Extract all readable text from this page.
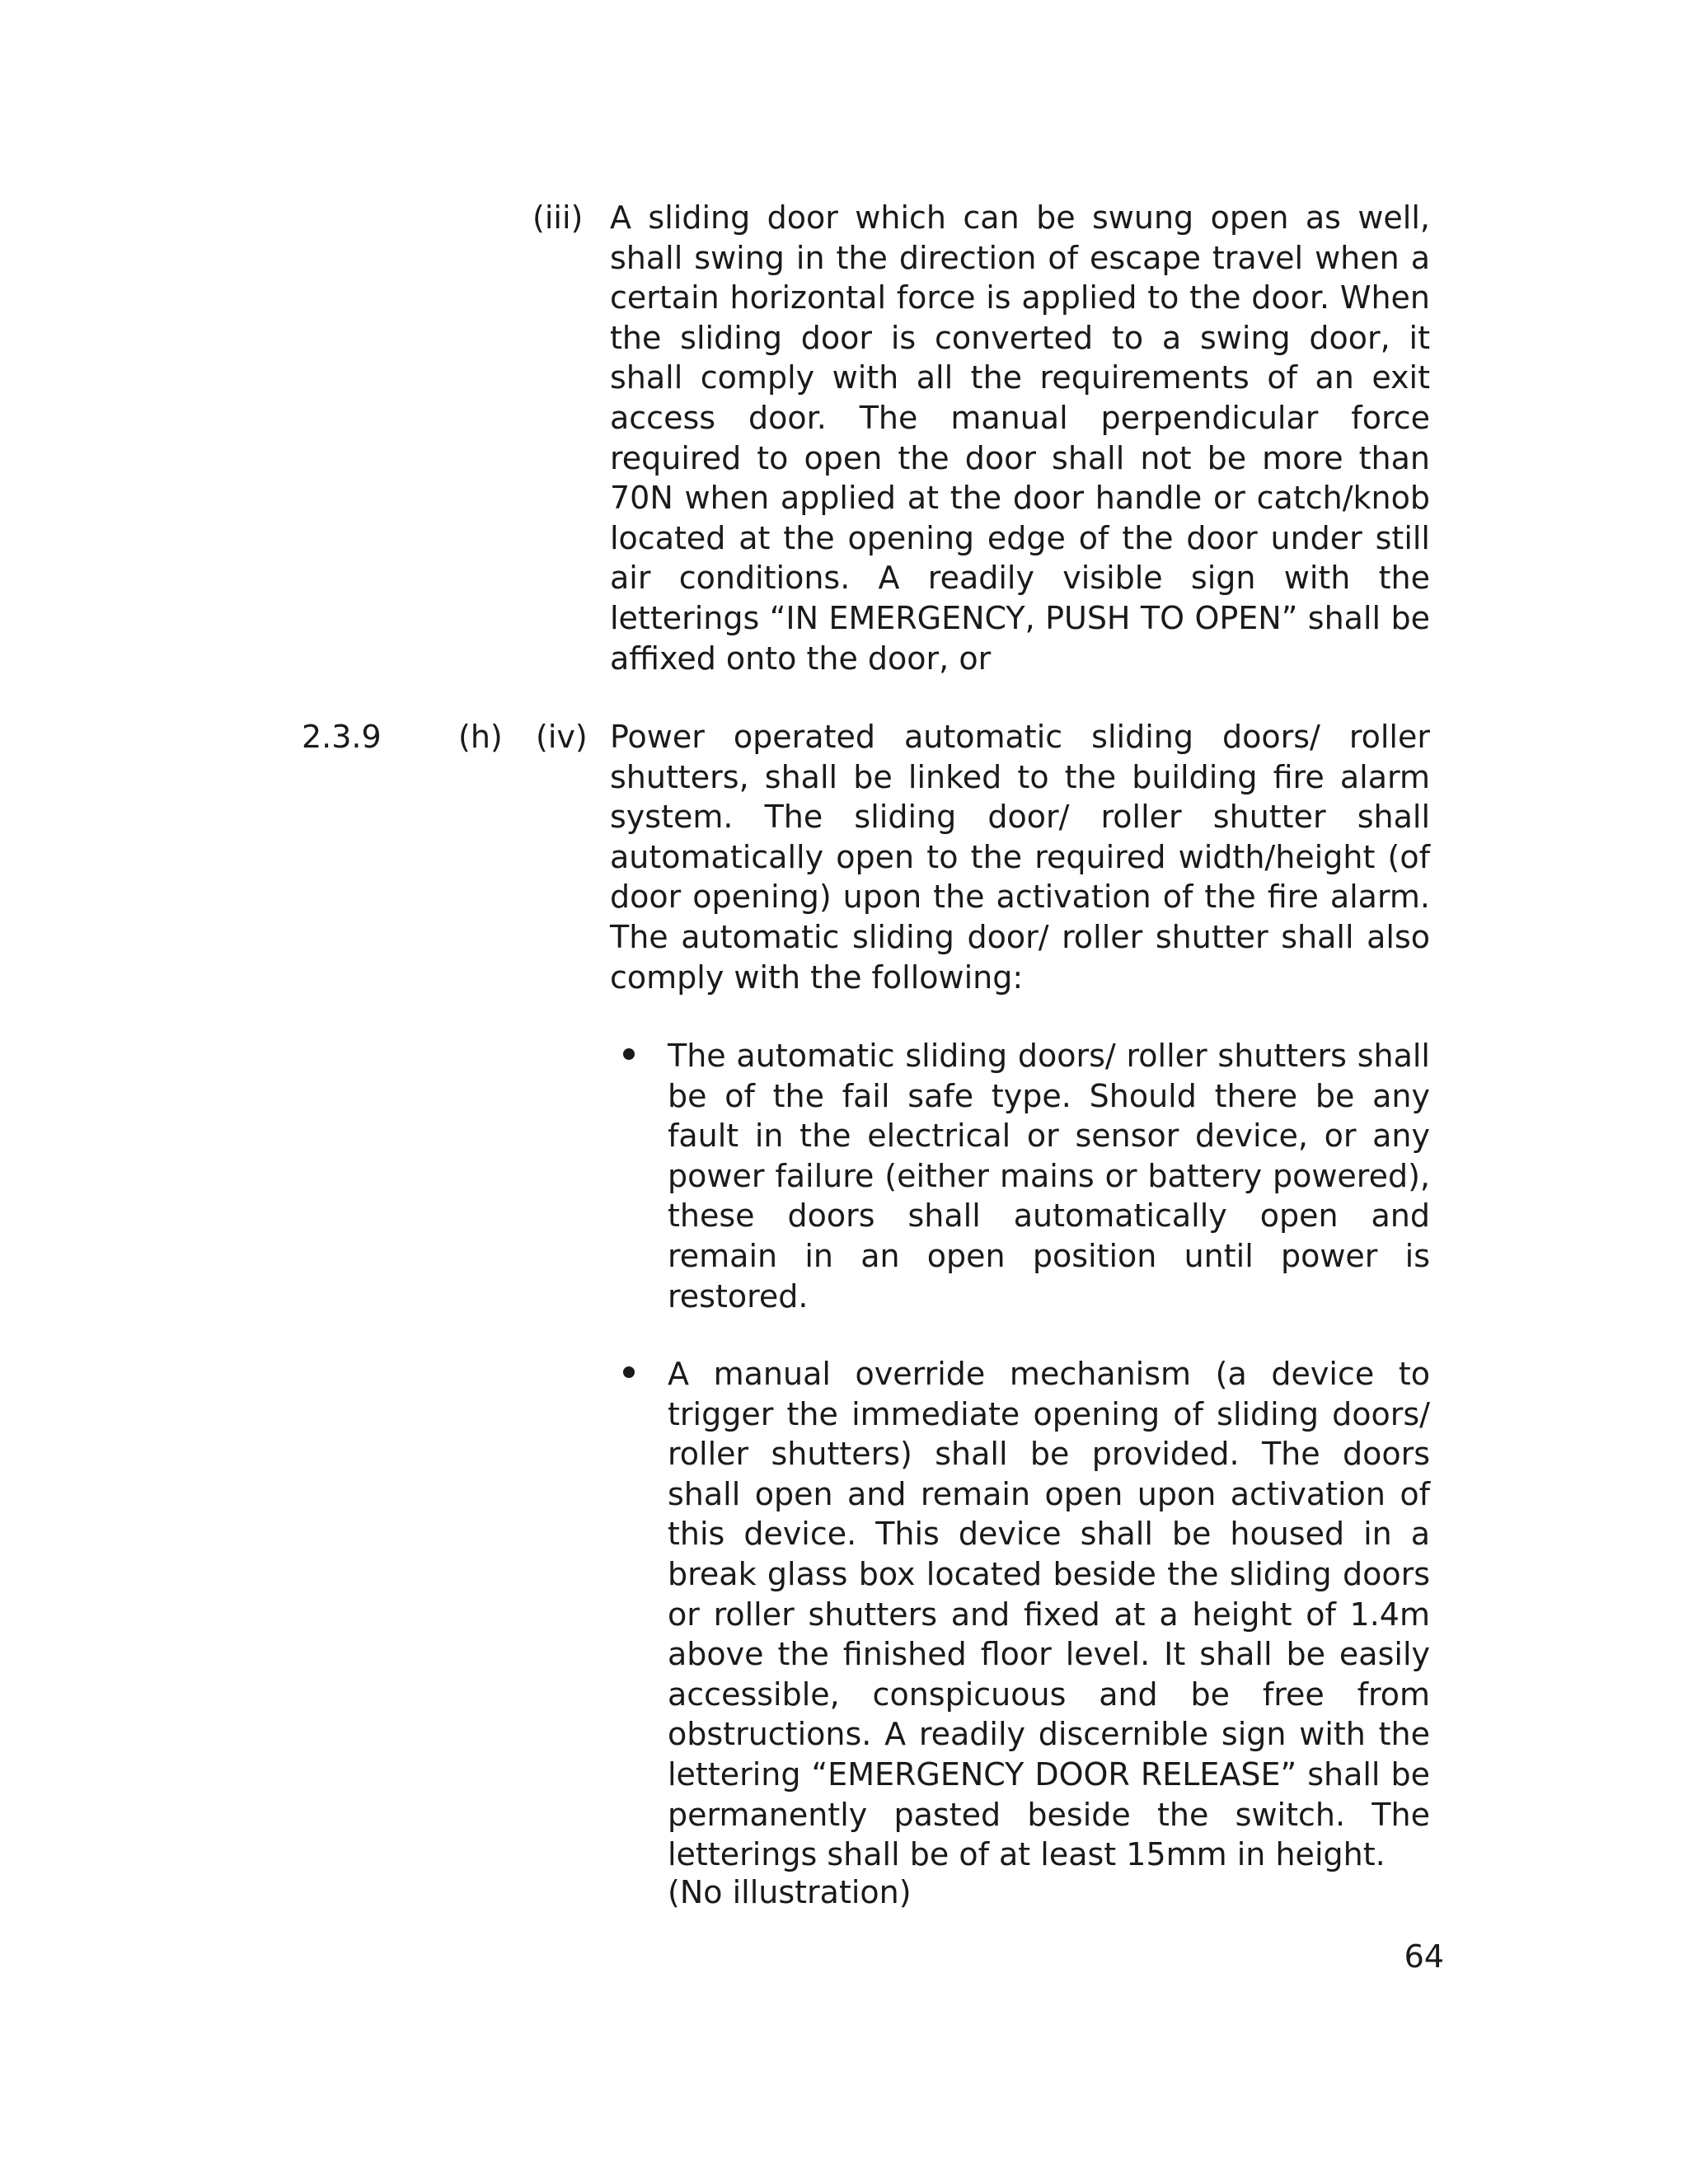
(iii) A sliding door which can be swung open as well, shall swing in the direction of escape travel when a certain horizontal force is applied to the door. When the sliding door is converted to a swing door, it shall comply with all the requirements of an exit access door. The manual perpendicular force required to open the door shall not be more than 70N when applied at the door handle or catch/knob located at the opening edge of the door under still air conditions. A readily visible sign with the letterings “IN EMERGENCY, PUSH TO OPEN” shall be affixed onto the door, or

2.3.9 (h) (iv) Power operated automatic sliding doors/ roller shutters, shall be linked to the building fire alarm system. The sliding door/ roller shutter shall automatically open to the required width/height (of door opening) upon the activation of the fire alarm. The automatic sliding door/ roller shutter shall also comply with the following:

The automatic sliding doors/ roller shutters shall be of the fail safe type. Should there be any fault in the electrical or sensor device, or any power failure (either mains or battery powered), these doors shall automatically open and remain in an open position until power is restored.

A manual override mechanism (a device to trigger the immediate opening of sliding doors/ roller shutters) shall be provided. The doors shall open and remain open upon activation of this device. This device shall be housed in a break glass box located beside the sliding doors or roller shutters and fixed at a height of 1.4m above the finished floor level. It shall be easily accessible, conspicuous and be free from obstructions. A readily discernible sign with the lettering “EMERGENCY DOOR RELEASE” shall be permanently pasted beside the switch. The letterings shall be of at least 15mm in height.

(No illustration)
64
